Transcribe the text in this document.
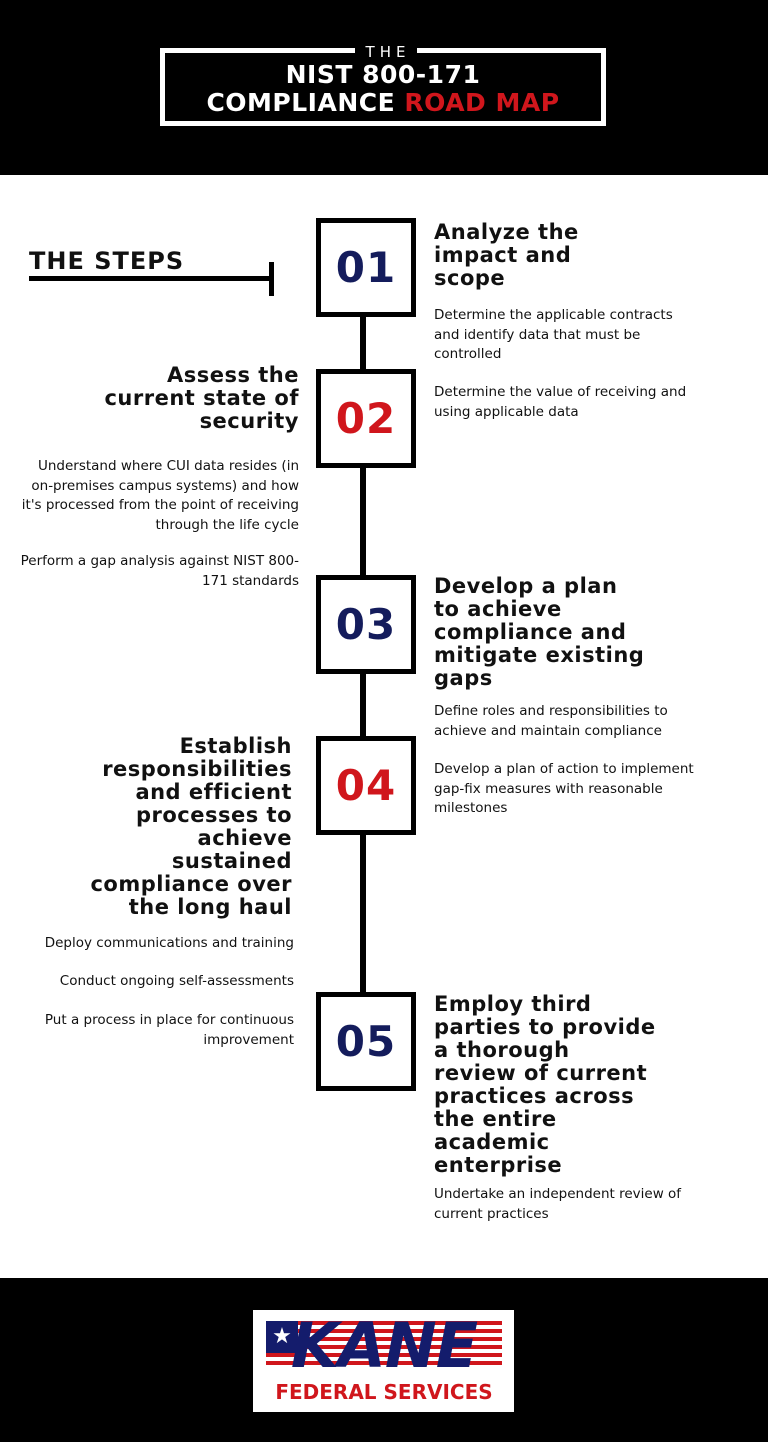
THE
NIST 800-171
COMPLIANCE ROAD MAP
THE STEPS	01
Analyze the
impact and
scope
Determine the applicable contracts
and identify data that must be
controlled
Determine the value of receiving and
using applicable data
02
Assess the
current state of
security
Understand where CUI data resides (in
on-premises campus systems) and how
it's processed from the point of receiving
through the life cycle
Perform a gap analysis against NIST 800-
171 standards
03
Develop a plan
to achieve
compliance and
mitigate existing
gaps
Define roles and responsibilities to
achieve and maintain compliance
Develop a plan of action to implement
gap-fix measures with reasonable
milestones
04
Establish
responsibilities
and efficient
processes to
achieve
sustained
compliance over
the long haul
Deploy communications and training
Conduct ongoing self-assessments
Put a process in place for continuous
improvement 05
Employ third
parties to provide
a thorough
review of current
practices across
the entire
academic
enterprise
Undertake an independent review of
current practices
★ KANE
FEDERAL SERVICES
